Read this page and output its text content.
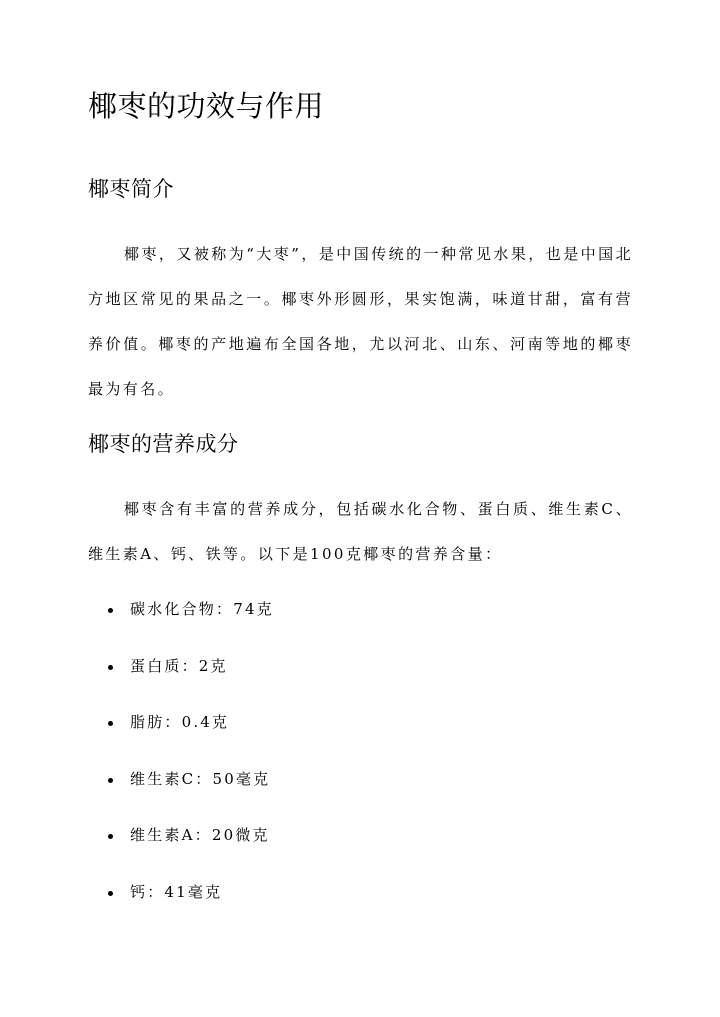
椰枣的功效与作用
椰枣简介

椰枣，又被称为“大枣”，是中国传统的一种常见水果，也是中国北方地区常见的果品之一。椰枣外形圆形，果实饱满，味道甘甜，富有营养价值。椰枣的产地遍布全国各地，尤以河北、山东、河南等地的椰枣最为有名。

椰枣的营养成分

椰枣含有丰富的营养成分，包括碳水化合物、蛋白质、维生素C、维生素A、钙、铁等。以下是100克椰枣的营养含量：

碳水化合物：74克
蛋白质：2克
脂肪：0.4克
维生素C：50毫克
维生素A：20微克
钙：41毫克
